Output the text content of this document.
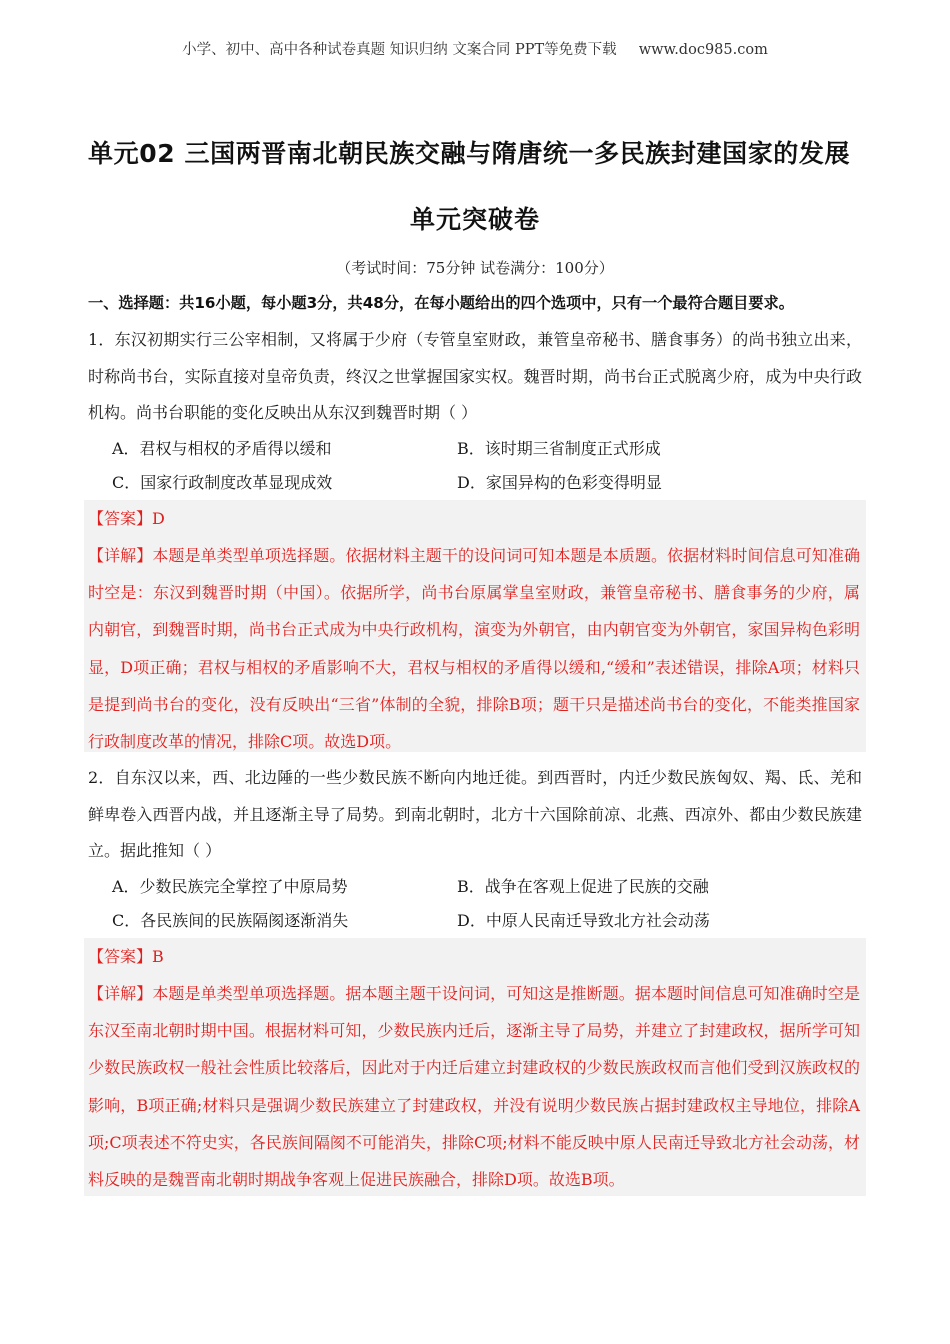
小学、初中、高中各种试卷真题 知识归纳 文案合同 PPT等免费下载 www.doc985.com
单元02 三国两晋南北朝民族交融与隋唐统一多民族封建国家的发展
单元突破卷
（考试时间：75分钟 试卷满分：100分）
一、选择题：共16小题，每小题3分，共48分，在每小题给出的四个选项中，只有一个最符合题目要求。

1．东汉初期实行三公宰相制，又将属于少府（专管皇室财政，兼管皇帝秘书、膳食事务）的尚书独立出来，时称尚书台，实际直接对皇帝负责，终汉之世掌握国家实权。魏晋时期，尚书台正式脱离少府，成为中央行政机构。尚书台职能的变化反映出从东汉到魏晋时期（ ）

A．君权与相权的矛盾得以缓和	B．该时期三省制度正式形成
C．国家行政制度改革显现成效	D．家国异构的色彩变得明显
【答案】D
【详解】本题是单类型单项选择题。依据材料主题干的设问词可知本题是本质题。依据材料时间信息可知准确时空是：东汉到魏晋时期（中国）。依据所学，尚书台原属掌皇室财政，兼管皇帝秘书、膳食事务的少府，属内朝官，到魏晋时期，尚书台正式成为中央行政机构，演变为外朝官，由内朝官变为外朝官，家国异构色彩明显，D项正确；君权与相权的矛盾影响不大，君权与相权的矛盾得以缓和,“缓和”表述错误，排除A项；材料只是提到尚书台的变化，没有反映出“三省”体制的全貌，排除B项；题干只是描述尚书台的变化，不能类推国家行政制度改革的情况，排除C项。故选D项。

2．自东汉以来，西、北边陲的一些少数民族不断向内地迁徙。到西晋时，内迁少数民族匈奴、羯、氐、羌和鲜卑卷入西晋内战，并且逐渐主导了局势。到南北朝时，北方十六国除前凉、北燕、西凉外、都由少数民族建立。据此推知（ ）

A．少数民族完全掌控了中原局势	B．战争在客观上促进了民族的交融
C．各民族间的民族隔阂逐渐消失	D．中原人民南迁导致北方社会动荡
【答案】B
【详解】本题是单类型单项选择题。据本题主题干设问词，可知这是推断题。据本题时间信息可知准确时空是东汉至南北朝时期中国。根据材料可知，少数民族内迁后，逐渐主导了局势，并建立了封建政权，据所学可知少数民族政权一般社会性质比较落后，因此对于内迁后建立封建政权的少数民族政权而言他们受到汉族政权的影响，B项正确;材料只是强调少数民族建立了封建政权，并没有说明少数民族占据封建政权主导地位，排除A项;C项表述不符史实，各民族间隔阂不可能消失，排除C项;材料不能反映中原人民南迁导致北方社会动荡，材料反映的是魏晋南北朝时期战争客观上促进民族融合，排除D项。故选B项。
